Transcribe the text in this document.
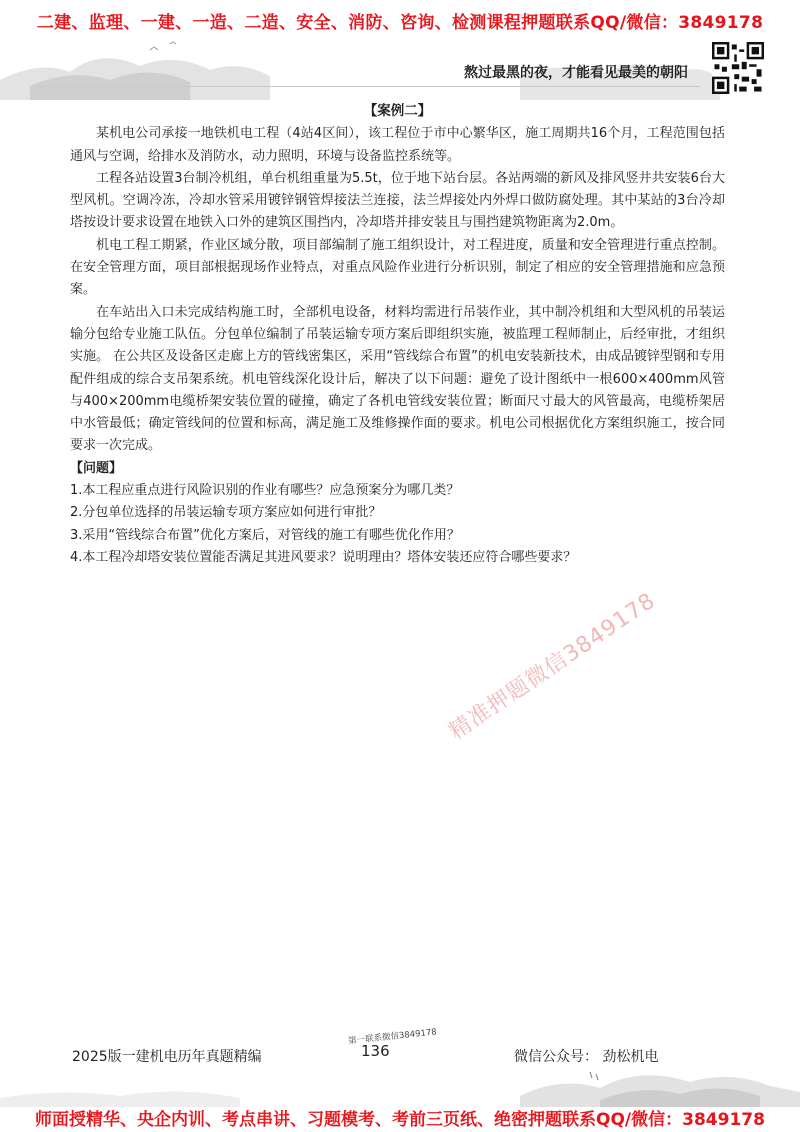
二建、监理、一建、一造、二造、安全、消防、咨询、检测课程押题联系QQ/微信：3849178
熬过最黑的夜，才能看见最美的朝阳
【案例二】

某机电公司承接一地铁机电工程（4站4区间），该工程位于市中心繁华区，施工周期共16个月，工程范围包括通风与空调，给排水及消防水，动力照明，环境与设备监控系统等。

工程各站设置3台制冷机组，单台机组重量为5.5t，位于地下站台层。各站两端的新风及排风竖井共安装6台大型风机。空调冷冻，冷却水管采用镀锌钢管焊接法兰连接，法兰焊接处内外焊口做防腐处理。其中某站的3台冷却塔按设计要求设置在地铁入口外的建筑区围挡内，冷却塔并排安装且与围挡建筑物距离为2.0m。

机电工程工期紧，作业区域分散，项目部编制了施工组织设计，对工程进度，质量和安全管理进行重点控制。在安全管理方面，项目部根据现场作业特点，对重点风险作业进行分析识别，制定了相应的安全管理措施和应急预案。

在车站出入口未完成结构施工时，全部机电设备，材料均需进行吊装作业，其中制冷机组和大型风机的吊装运输分包给专业施工队伍。分包单位编制了吊装运输专项方案后即组织实施，被监理工程师制止，后经审批，才组织实施。 在公共区及设备区走廊上方的管线密集区，采用“管线综合布置”的机电安装新技术，由成品镀锌型钢和专用配件组成的综合支吊架系统。机电管线深化设计后，解决了以下问题：避免了设计图纸中一根600×400mm风管与400×200mm电缆桥架安装位置的碰撞，确定了各机电管线安装位置；断面尺寸最大的风管最高，电缆桥架居中水管最低；确定管线间的位置和标高，满足施工及维修操作面的要求。机电公司根据优化方案组织施工，按合同要求一次完成。

【问题】

1.本工程应重点进行风险识别的作业有哪些？应急预案分为哪几类？
2.分包单位选择的吊装运输专项方案应如何进行审批？
3.采用“管线综合布置”优化方案后，对管线的施工有哪些优化作用？
4.本工程冷却塔安装位置能否满足其进风要求？说明理由？塔体安装还应符合哪些要求？
精准押题微信3849178
第一联系微信3849178
2025版一建机电历年真题精编	136	微信公众号： 劲松机电
师面授精华、央企内训、考点串讲、习题模考、考前三页纸、绝密押题联系QQ/微信：3849178
